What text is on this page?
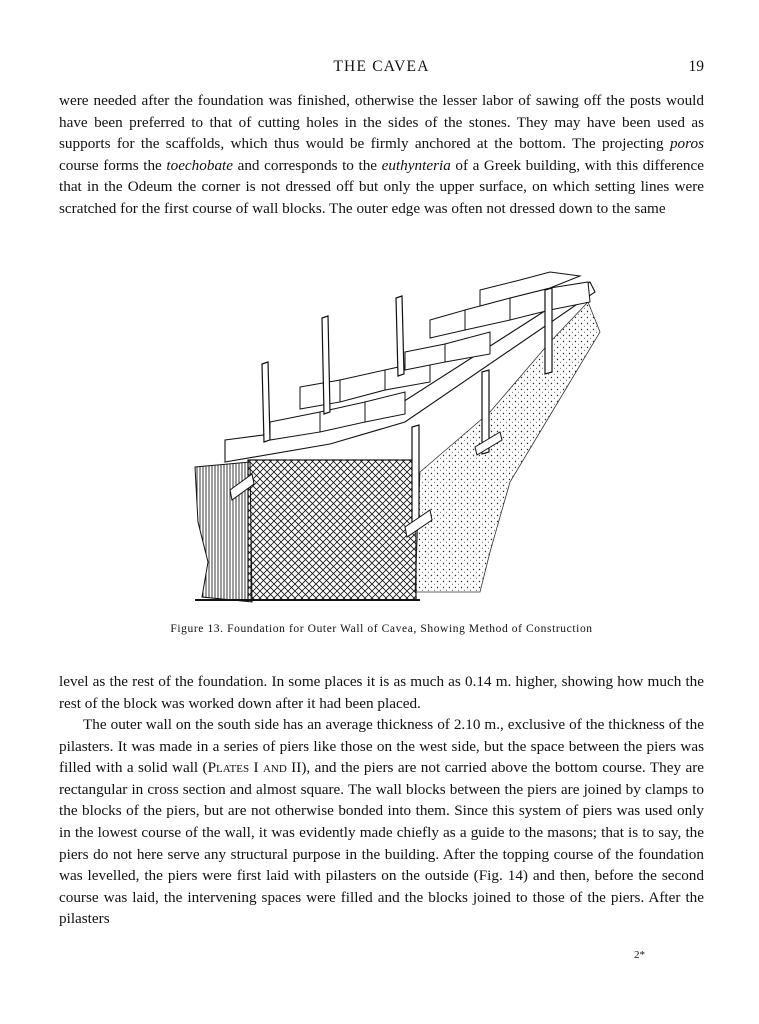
THE CAVEA	19

were needed after the foundation was finished, otherwise the lesser labor of sawing off the posts would have been preferred to that of cutting holes in the sides of the stones. They may have been used as supports for the scaffolds, which thus would be firmly anchored at the bottom. The projecting poros course forms the toechobate and corresponds to the euthynteria of a Greek building, with this difference that in the Odeum the corner is not dressed off but only the upper surface, on which setting lines were scratched for the first course of wall blocks. The outer edge was often not dressed down to the same

Figure 13. Foundation for Outer Wall of Cavea, Showing Method of Construction

level as the rest of the foundation. In some places it is as much as 0.14 m. higher, showing how much the rest of the block was worked down after it had been placed.

The outer wall on the south side has an average thickness of 2.10 m., exclusive of the thickness of the pilasters. It was made in a series of piers like those on the west side, but the space between the piers was filled with a solid wall (Plates I and II), and the piers are not carried above the bottom course. They are rectangular in cross section and almost square. The wall blocks between the piers are joined by clamps to the blocks of the piers, but are not otherwise bonded into them. Since this system of piers was used only in the lowest course of the wall, it was evidently made chiefly as a guide to the masons; that is to say, the piers do not here serve any structural purpose in the building. After the topping course of the foundation was levelled, the piers were first laid with pilasters on the outside (Fig. 14) and then, before the second course was laid, the intervening spaces were filled and the blocks joined to those of the piers. After the pilasters

2*
